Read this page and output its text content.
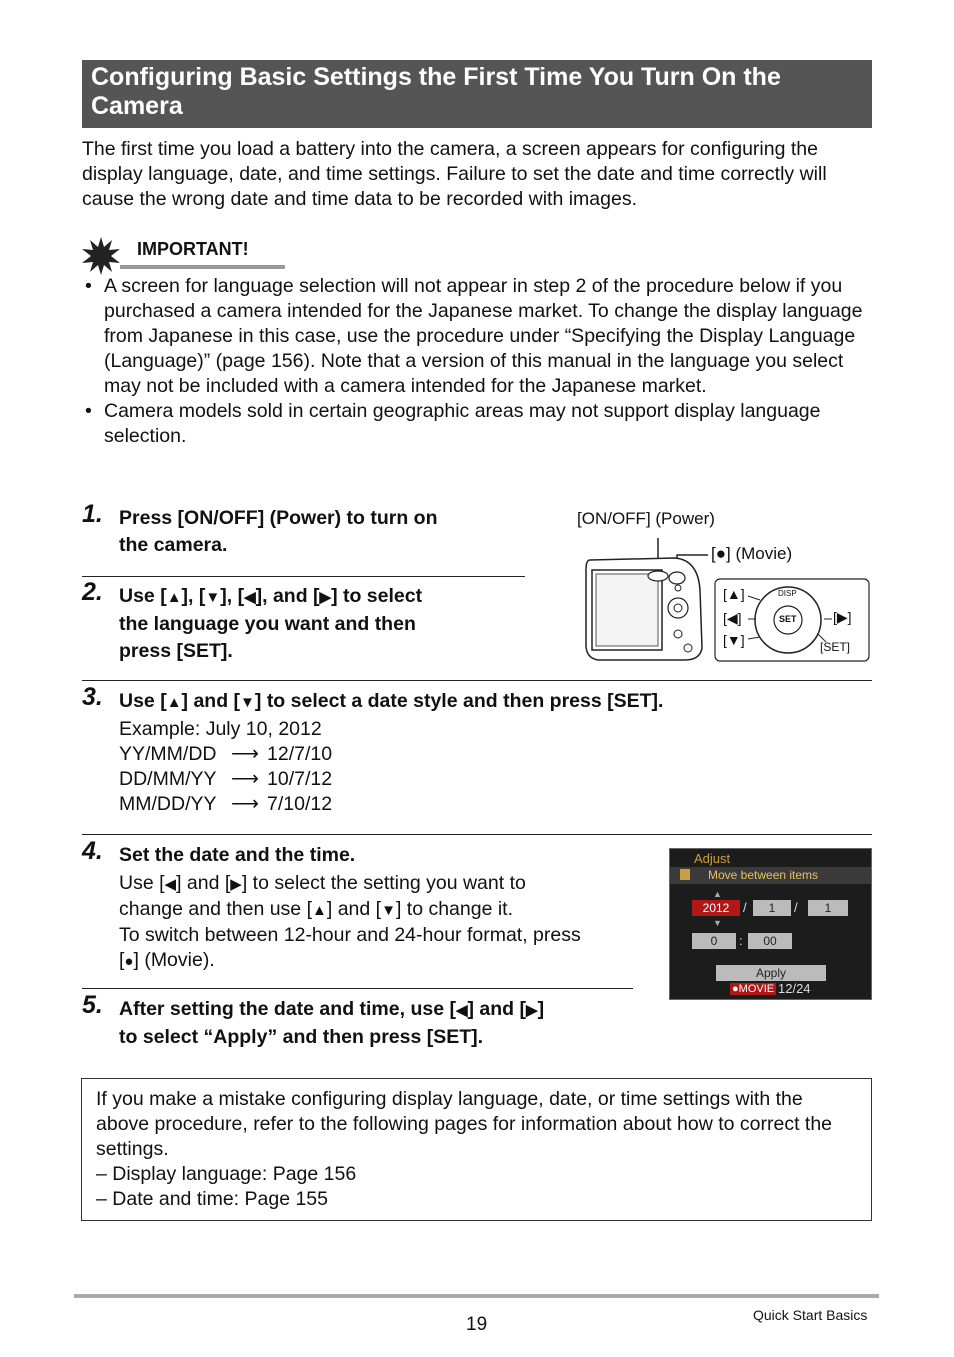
Configuring Basic Settings the First Time You Turn On the Camera
The first time you load a battery into the camera, a screen appears for configuring the display language, date, and time settings. Failure to set the date and time correctly will cause the wrong date and time data to be recorded with images.
IMPORTANT!
• A screen for language selection will not appear in step 2 of the procedure below if you purchased a camera intended for the Japanese market. To change the display language from Japanese in this case, use the procedure under “Specifying the Display Language (Language)” (page 156). Note that a version of this manual in the language you select may not be included with a camera intended for the Japanese market.
• Camera models sold in certain geographic areas may not support display language selection.
1. Press [ON/OFF] (Power) to turn on
the camera.
2. Use [▲], [▼], [◀], and [▶] to select
the language you want and then
press [SET].
[ON/OFF] (Power)
[●] (Movie)
DISP
SET
[▲]
[◀]
[▼]
[▶]
[SET]
3. Use [▲] and [▼] to select a date style and then press [SET].
Example: July 10, 2012
YY/MM/DD ⟶ 12/7/10
DD/MM/YY ⟶ 10/7/12
MM/DD/YY ⟶ 7/10/12
4. Set the date and the time.
Use [◀] and [▶] to select the setting you want to
change and then use [▲] and [▼] to change it.
To switch between 12-hour and 24-hour format, press
[●] (Movie).
Adjust
Move between items
▲
2012	/	1	/	1
▼
0	:	00
Apply
●MOVIE 12/24
5. After setting the date and time, use [◀] and [▶]
to select “Apply” and then press [SET].
If you make a mistake configuring display language, date, or time settings with the above procedure, refer to the following pages for information about how to correct the settings.
– Display language: Page 156
– Date and time: Page 155
19	Quick Start Basics
